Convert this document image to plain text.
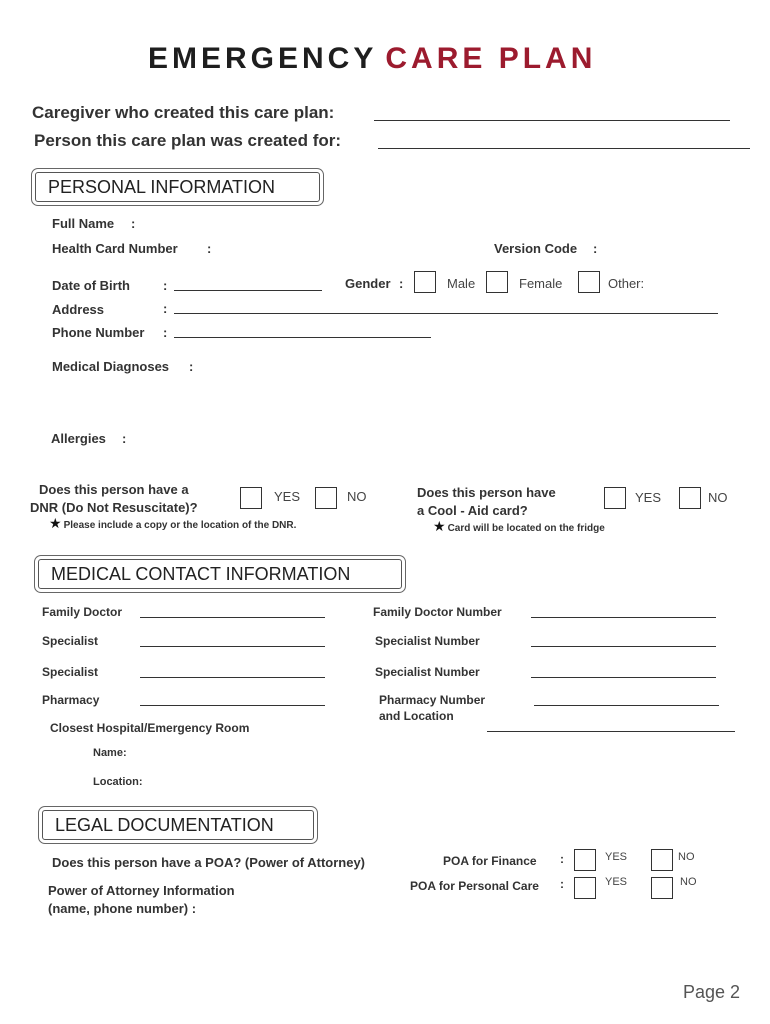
EMERGENCY CARE PLAN
Caregiver who created this care plan:
Person this care plan was created for:
PERSONAL INFORMATION
Full Name :
Health Card Number :	Version Code :
Date of Birth	:	Gender :	Male	Female	Other:
Address	:
Phone Number :
Medical Diagnoses :
Allergies :
Does this person have a
DNR (Do Not Resuscitate)?
YES	NO
★ Please include a copy or the location of the DNR.
Does this person have
a Cool - Aid card?
YES	NO
★ Card will be located on the fridge
MEDICAL CONTACT INFORMATION
Family Doctor	Family Doctor Number
Specialist	Specialist Number
Specialist	Specialist Number
Pharmacy	Pharmacy Number
and Location
Closest Hospital/Emergency Room
Name:
Location:
LEGAL DOCUMENTATION
Does this person have a POA? (Power of Attorney)	POA for Finance :	YES	NO
POA for Personal Care :	YES	NO
Power of Attorney Information
(name, phone number) :
Page 2
